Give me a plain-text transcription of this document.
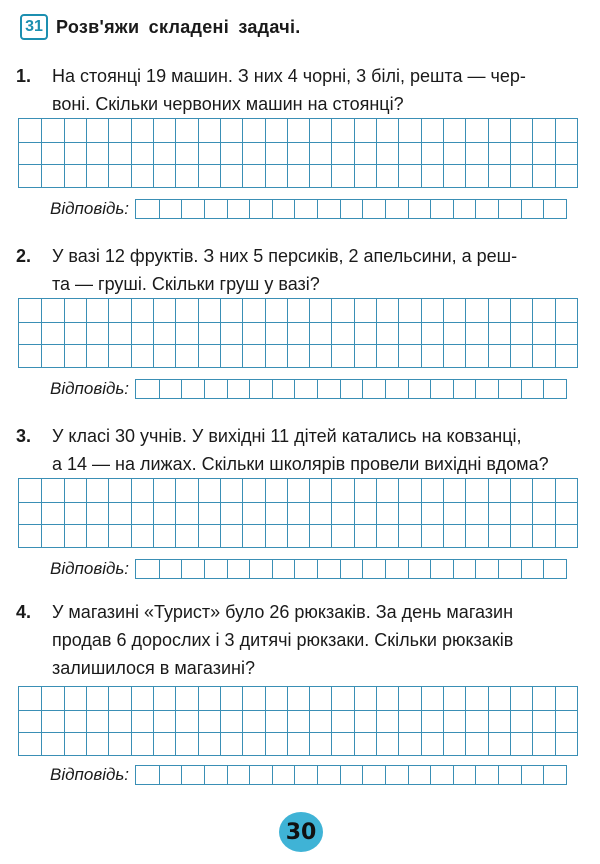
31 Розв'яжи складені задачі.
1. На стоянці 19 машин. З них 4 чорні, 3 білі, решта — чер-
воні. Скільки червоних машин на стоянці?
Відповідь:
2. У вазі 12 фруктів. З них 5 персиків, 2 апельсини, а реш-
та — груші. Скільки груш у вазі?
Відповідь:
3. У класі 30 учнів. У вихідні 11 дітей катались на ковзанці,
а 14 — на лижах. Скільки школярів провели вихідні вдома?
Відповідь:
4. У магазині «Турист» було 26 рюкзаків. За день магазин
продав 6 дорослих і 3 дитячі рюкзаки. Скільки рюкзаків
залишилося в магазині?
Відповідь:
30
